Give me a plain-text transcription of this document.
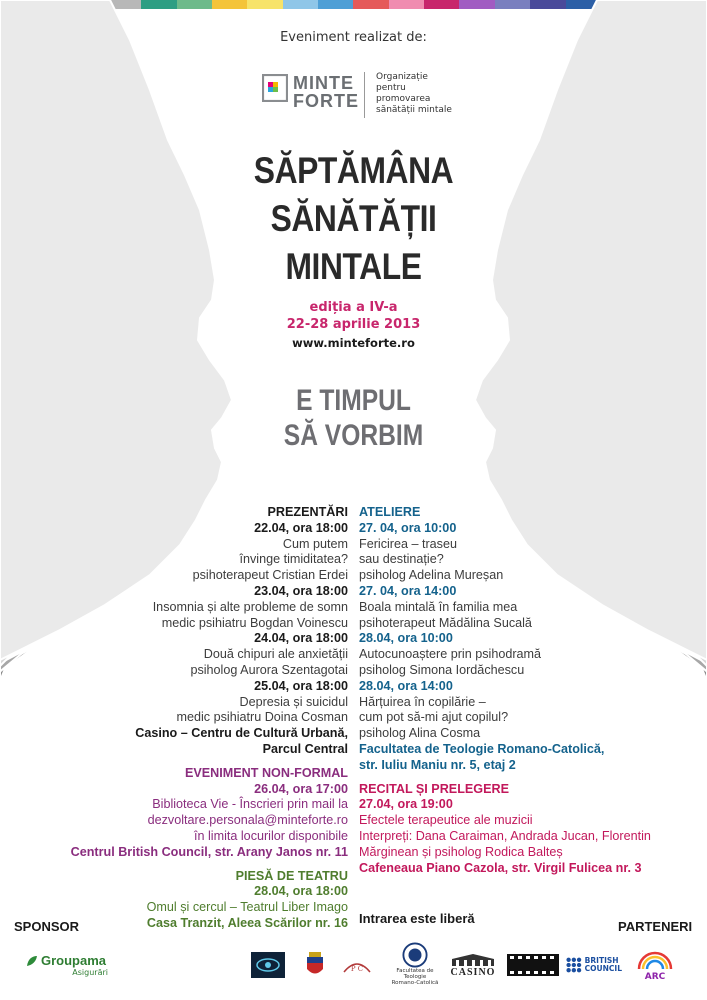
Eveniment realizat de:
MINTE
FORTE
Organizație
pentru
promovarea
sănătății mintale
SĂPTĂMÂNA
SĂNĂTĂȚII
MINTALE
ediția a IV-a
22-28 aprilie 2013
www.minteforte.ro
E TIMPUL
SĂ VORBIM
PREZENTĂRI
22.04, ora 18:00
Cum putem
învinge timiditatea?
psihoterapeut Cristian Erdei
23.04, ora 18:00
Insomnia și alte probleme de somn
medic psihiatru Bogdan Voinescu
24.04, ora 18:00
Două chipuri ale anxietății
psiholog Aurora Szentagotai
25.04, ora 18:00
Depresia și suicidul
medic psihiatru Doina Cosman
Casino – Centru de Cultură Urbană,
Parcul Central
EVENIMENT NON-FORMAL
26.04, ora 17:00
Biblioteca Vie - Înscrieri prin mail la
dezvoltare.personala@minteforte.ro
în limita locurilor disponibile
Centrul British Council, str. Arany Janos nr. 11
PIESĂ DE TEATRU
28.04, ora 18:00
Omul și cercul – Teatrul Liber Imago
Casa Tranzit, Aleea Scărilor nr. 16
ATELIERE
27. 04, ora 10:00
Fericirea – traseu
sau destinație?
psiholog Adelina Mureșan
27. 04, ora 14:00
Boala mintală în familia mea
psihoterapeut Mădălina Sucală
28.04, ora 10:00
Autocunoaștere prin psihodramă
psiholog Simona Iordăchescu
28.04, ora 14:00
Hărțuirea în copilărie –
cum pot să-mi ajut copilul?
psiholog Alina Cosma
Facultatea de Teologie Romano-Catolică,
str. Iuliu Maniu nr. 5, etaj 2
RECITAL ȘI PRELEGERE
27.04, ora 19:00
Efectele terapeutice ale muzicii
Interpreți: Dana Caraiman, Andrada Jucan, Florentin
Mărginean și psiholog Rodica Balteș
Cafeneaua Piano Cazola, str. Virgil Fulicea nr. 3
SPONSOR
Intrarea este liberă
PARTENERI
Groupama
Asigurări	P C	Facultatea de Teologie
Romano-Catolică
CASINO
BRITISH
COUNCIL
ARC
